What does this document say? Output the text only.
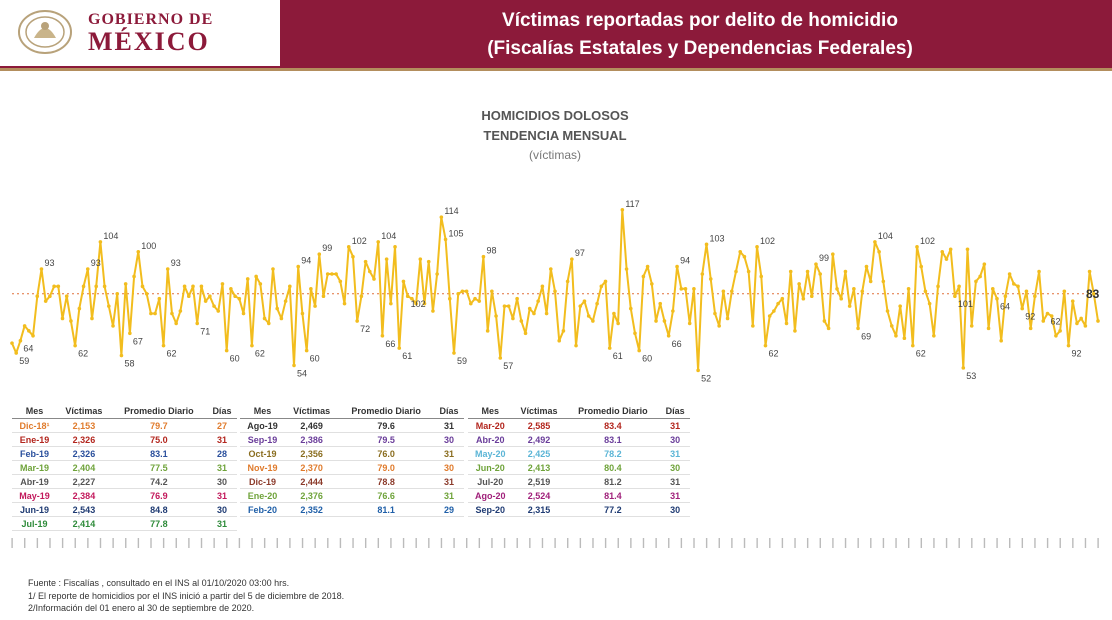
GOBIERNO DE
MÉXICO
Víctimas reportadas por delito de homicidio
(Fiscalías Estatales y Dependencias Federales)
HOMICIDIOS DOLOSOS
TENDENCIA MENSUAL
(víctimas)
59
64
93
62
93
104
58
67
100
62
93
71
60 62
54
94
60
99
102
72
104
66
61
102
114
105
59
98
57
97
61
117
60
66
94
52
103	102
62
99
69
104
62
102
101
53
64
92 62
92
83
Mes	Víctimas	Promedio Diario	Días
Dic-18¹	2,153	79.7	27
Ene-19	2,326	75.0	31
Feb-19	2,326	83.1	28
Mar-19	2,404	77.5	31
Abr-19	2,227	74.2	30
May-19	2,384	76.9	31
Jun-19	2,543	84.8	30
Jul-19	2,414	77.8	31
Mes	Víctimas	Promedio Diario	Días
Ago-19	2,469	79.6	31
Sep-19	2,386	79.5	30
Oct-19	2,356	76.0	31
Nov-19	2,370	79.0	30
Dic-19	2,444	78.8	31
Ene-20	2,376	76.6	31
Feb-20	2,352	81.1	29
Mes	Víctimas	Promedio Diario	Días
Mar-20	2,585	83.4	31
Abr-20	2,492	83.1	30
May-20	2,425	78.2	31
Jun-20	2,413	80.4	30
Jul-20	2,519	81.2	31
Ago-20	2,524	81.4	31
Sep-20	2,315	77.2	30
Fuente : Fiscalías , consultado en el INS al 01/10/2020 03:00 hrs.
1/ El reporte de homicidios por el INS inició a partir del 5 de diciembre de 2018.
2/Información del 01 enero al 30 de septiembre de 2020.
